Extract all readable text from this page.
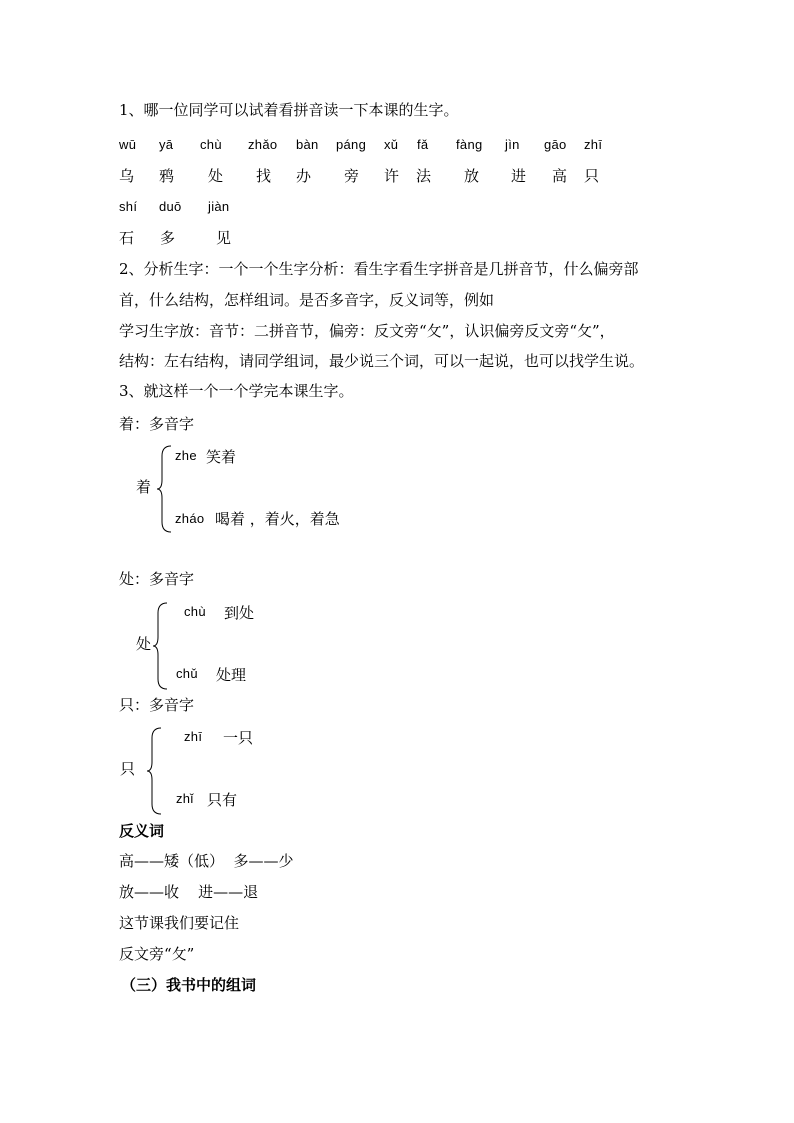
1、哪一位同学可以试着看拼音读一下本课的生字。
wū yā chù zhǎo bàn páng xǔ fǎ fàng jìn gāo zhī
乌 鸦 处 找 办 旁 许 法 放 进 高 只
shí duō jiàn
石 多	见
2、分析生字：一个一个生字分析：看生字看生字拼音是几拼音节，什么偏旁部
首，什么结构，怎样组词。是否多音字，反义词等，例如
学习生字放：音节：二拼音节，偏旁：反文旁“攵”，认识偏旁反文旁“攵”，
结构：左右结构，请同学组词，最少说三个词，可以一起说，也可以找学生说。
3、就这样一个一个学完本课生字。
着：多音字
着
zhe 笑着
zháo 喝着 ，着火，着急
处：多音字
处
chù 到处
chǔ 处理
只：多音字
只
zhī 一只
zhǐ 只有
反义词
高——矮（低）  多——少
放——收    进——退
这节课我们要记住
反文旁“攵”
（三）我书中的组词
